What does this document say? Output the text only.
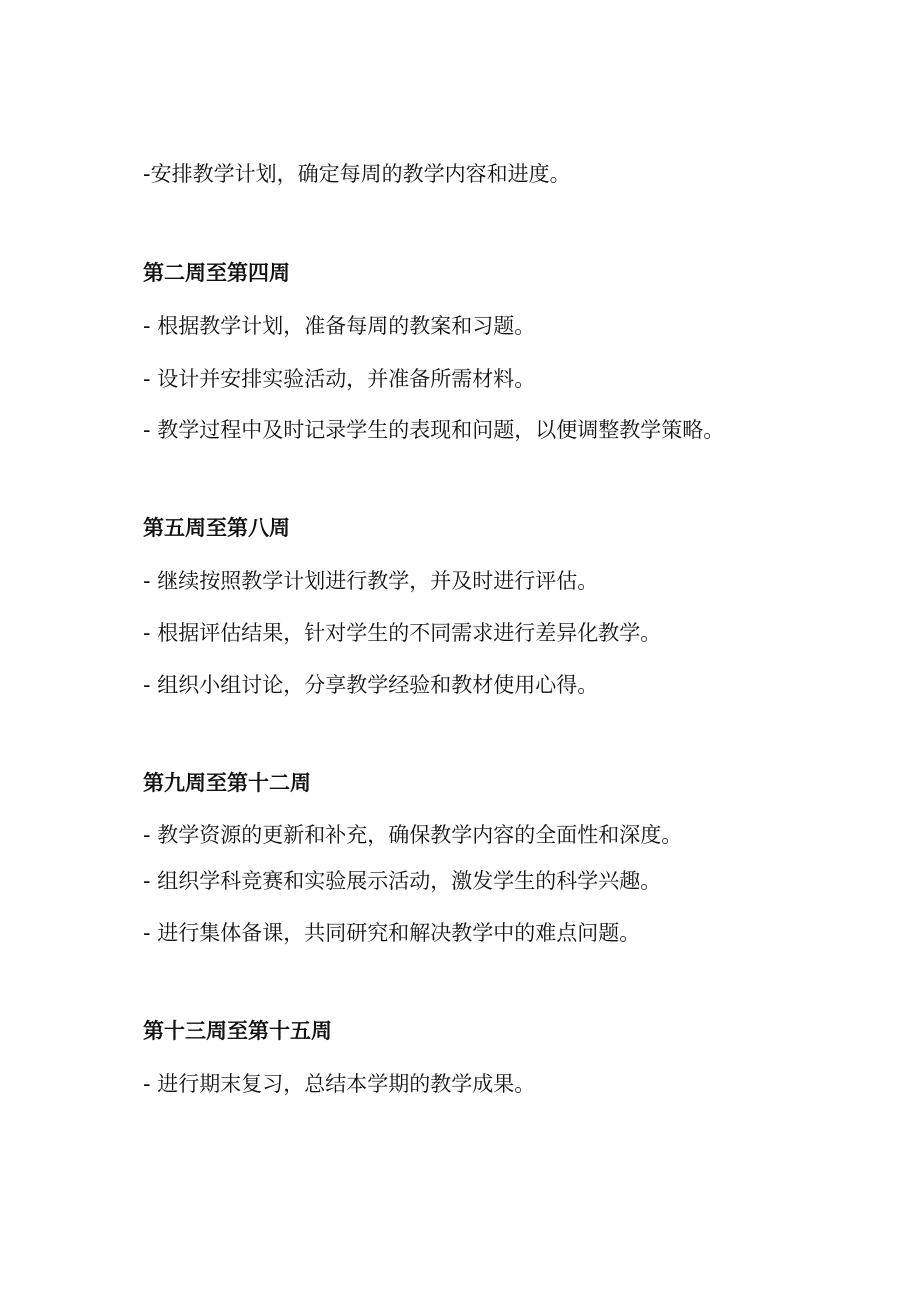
-安排教学计划，确定每周的教学内容和进度。
第二周至第四周
- 根据教学计划，准备每周的教案和习题。
- 设计并安排实验活动，并准备所需材料。
- 教学过程中及时记录学生的表现和问题，以便调整教学策略。
第五周至第八周
- 继续按照教学计划进行教学，并及时进行评估。
- 根据评估结果，针对学生的不同需求进行差异化教学。
- 组织小组讨论，分享教学经验和教材使用心得。
第九周至第十二周
- 教学资源的更新和补充，确保教学内容的全面性和深度。
- 组织学科竞赛和实验展示活动，激发学生的科学兴趣。
- 进行集体备课，共同研究和解决教学中的难点问题。
第十三周至第十五周
- 进行期末复习，总结本学期的教学成果。
